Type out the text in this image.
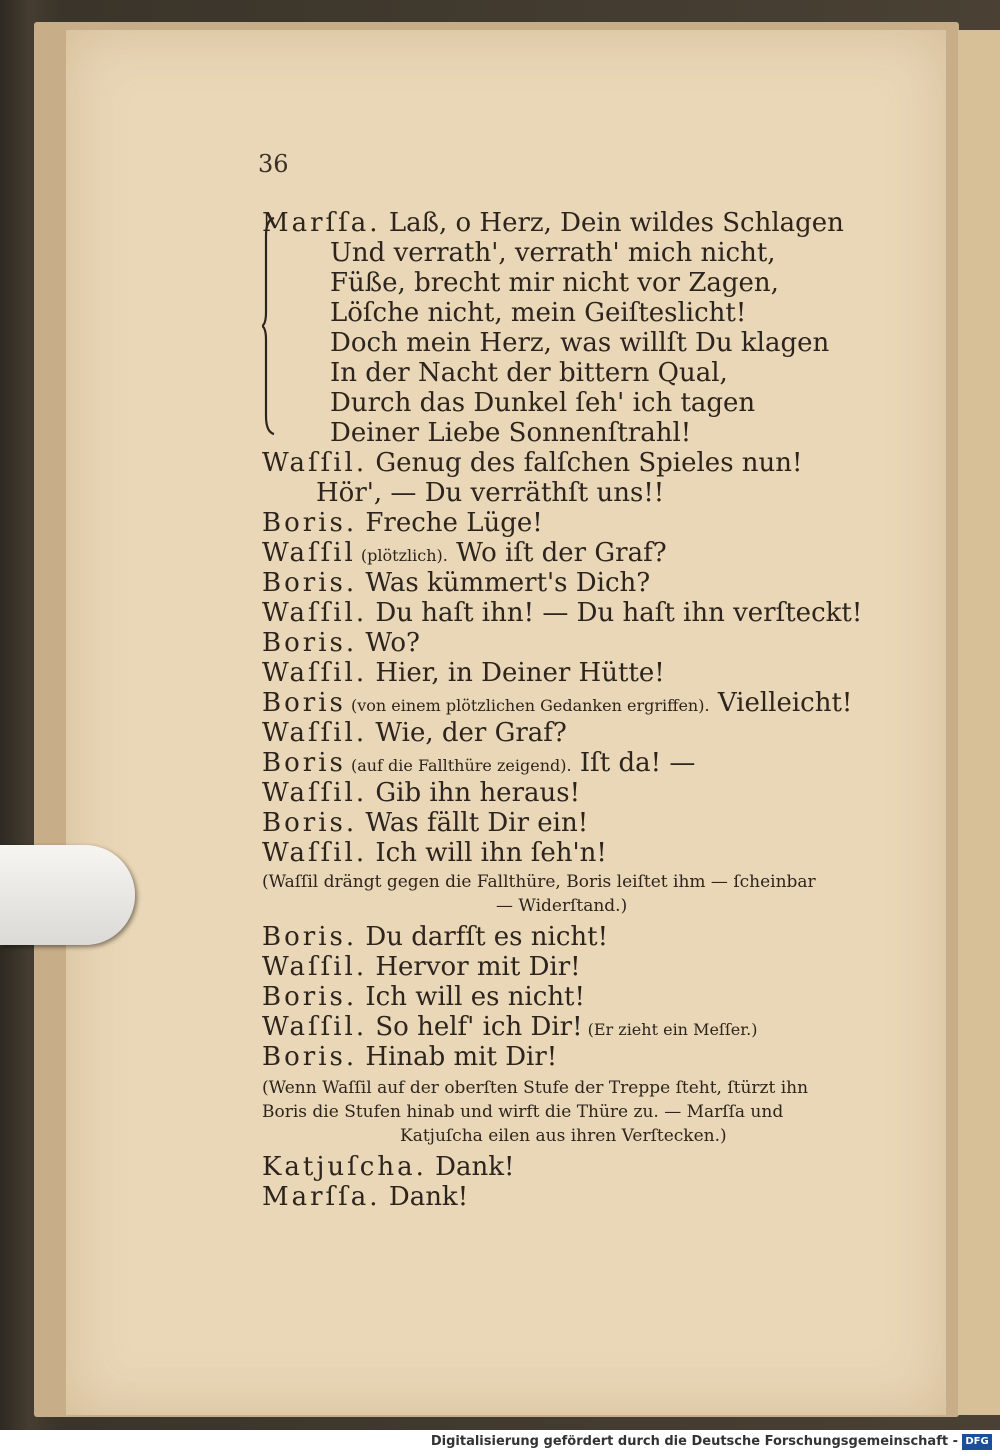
36
Marſſa. Laß, o Herz, Dein wildes Schlagen
Und verrath', verrath' mich nicht,
Füße, brecht mir nicht vor Zagen,
Löſche nicht, mein Geiſteslicht!
Doch mein Herz, was willſt Du klagen
In der Nacht der bittern Qual,
Durch das Dunkel ſeh' ich tagen
Deiner Liebe Sonnenſtrahl!
Waſſil. Genug des falſchen Spieles nun!
Hör', — Du verräthſt uns!!
Boris. Freche Lüge!
Waſſil (plötzlich). Wo iſt der Graf?
Boris. Was kümmert's Dich?
Waſſil. Du haſt ihn! — Du haſt ihn verſteckt!
Boris. Wo?
Waſſil. Hier, in Deiner Hütte!
Boris (von einem plötzlichen Gedanken ergriffen). Vielleicht!
Waſſil. Wie, der Graf?
Boris (auf die Fallthüre zeigend). Iſt da! —
Waſſil. Gib ihn heraus!
Boris. Was fällt Dir ein!
Waſſil. Ich will ihn ſeh'n!
(Waſſil drängt gegen die Fallthüre, Boris leiſtet ihm — ſcheinbar
— Widerſtand.)
Boris. Du darfſt es nicht!
Waſſil. Hervor mit Dir!
Boris. Ich will es nicht!
Waſſil. So helf' ich Dir! (Er zieht ein Meſſer.)
Boris. Hinab mit Dir!
(Wenn Waſſil auf der oberſten Stufe der Treppe ſteht, ſtürzt ihn
Boris die Stufen hinab und wirft die Thüre zu. — Marſſa und
Katjuſcha eilen aus ihren Verſtecken.)
Katjuſcha. Dank!
Marſſa. Dank!
Digitalisierung gefördert durch die Deutsche Forschungsgemeinschaft - DFG
